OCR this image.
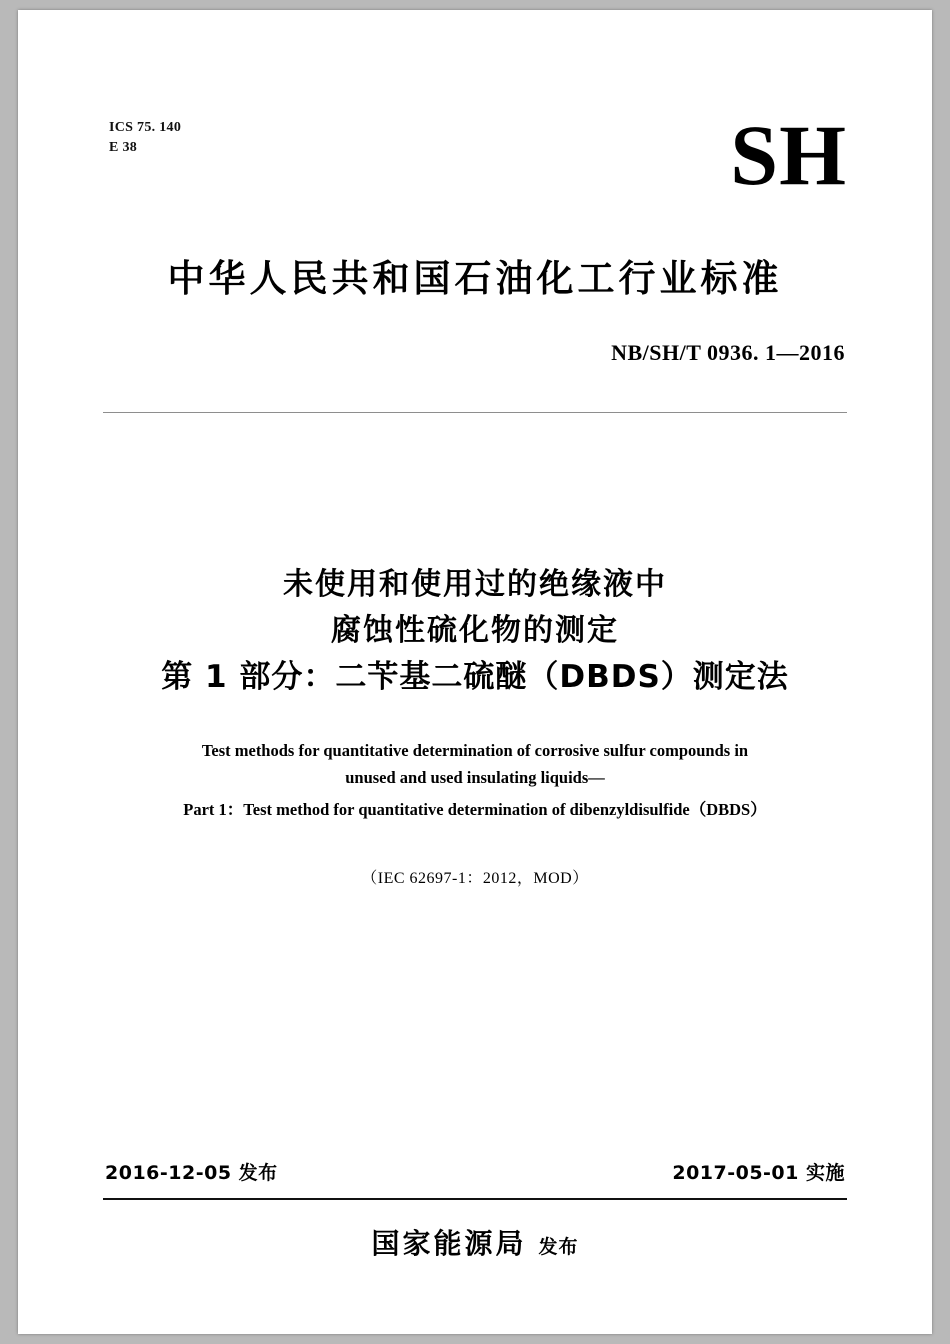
ICS 75. 140
E 38	SH
中华人民共和国石油化工行业标准
NB/SH/T 0936. 1—2016
未使用和使用过的绝缘液中
腐蚀性硫化物的测定
第 1 部分：二苄基二硫醚（DBDS）测定法
Test methods for quantitative determination of corrosive sulfur compounds in
unused and used insulating liquids—
Part 1：Test method for quantitative determination of dibenzyldisulfide（DBDS）
（IEC 62697-1：2012，MOD）
2016-12-05 发布	2017-05-01 实施
国家能源局 发布
